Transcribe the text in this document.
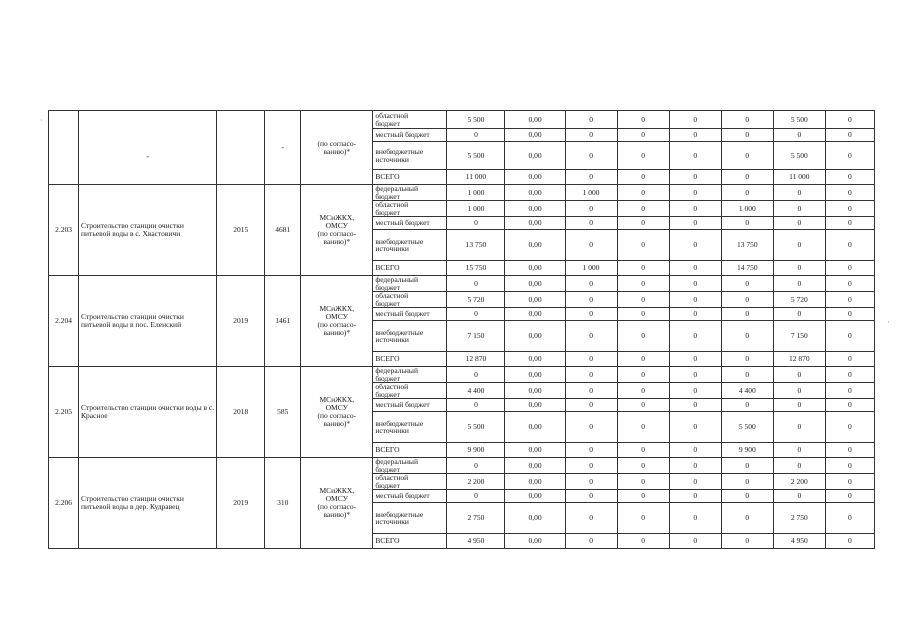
·
·

	-		-	(по согласо-
ванию)*	областной
бюджет	5 500	0,00	0	0	0	0	5 500	0
					местный бюджет	0	0,00	0	0	0	0	0	0
					внебюджетные
источники	5 500	0,00	0	0	0	0	5 500	0
					ВСЕГО	11 000	0,00	0	0	0	0	11 000	0
2.203	Строительство станции очистки питьевой воды в с. Хвастовичи	2015	4681	МСиЖКХ,
ОМСУ
(по согласо-
ванию)*	федеральный
бюджет	1 000	0,00	1 000	0	0	0	0	0
					областной
бюджет	1 000	0,00	0	0	0	1 000	0	0
					местный бюджет	0	0,00	0	0	0	0	0	0
					внебюджетные
источники	13 750	0,00	0	0	0	13 750	0	0
					ВСЕГО	15 750	0,00	1 000	0	0	14 750	0	0
2.204	Строительство станции очистки питьевой воды в пос. Еленский	2019	1461	МСиЖКХ,
ОМСУ
(по согласо-
ванию)*	федеральный
бюджет	0	0,00	0	0	0	0	0	0
					областной
бюджет	5 720	0,00	0	0	0	0	5 720	0
					местный бюджет	0	0,00	0	0	0	0	0	0
					внебюджетные
источники	7 150	0,00	0	0	0	0	7 150	0
					ВСЕГО	12 870	0,00	0	0	0	0	12 870	0
2.205	Строительство станции очистки воды в с. Красное	2018	585	МСиЖКХ,
ОМСУ
(по согласо-
ванию)*	федеральный
бюджет	0	0,00	0	0	0	0	0	0
					областной
бюджет	4 400	0,00	0	0	0	4 400	0	0
					местный бюджет	0	0,00	0	0	0	0	0	0
					внебюджетные
источники	5 500	0,00	0	0	0	5 500	0	0
					ВСЕГО	9 900	0,00	0	0	0	9 900	0	0
2.206	Строительство станции очистки питьевой воды в дер. Кудравец	2019	310	МСиЖКХ,
ОМСУ
(по согласо-
ванию)*	федеральный
бюджет	0	0,00	0	0	0	0	0	0
					областной
бюджет	2 200	0,00	0	0	0	0	2 200	0
					местный бюджет	0	0,00	0	0	0	0	0	0
					внебюджетные
источники	2 750	0,00	0	0	0	0	2 750	0
					ВСЕГО	4 950	0,00	0	0	0	0	4 950	0
